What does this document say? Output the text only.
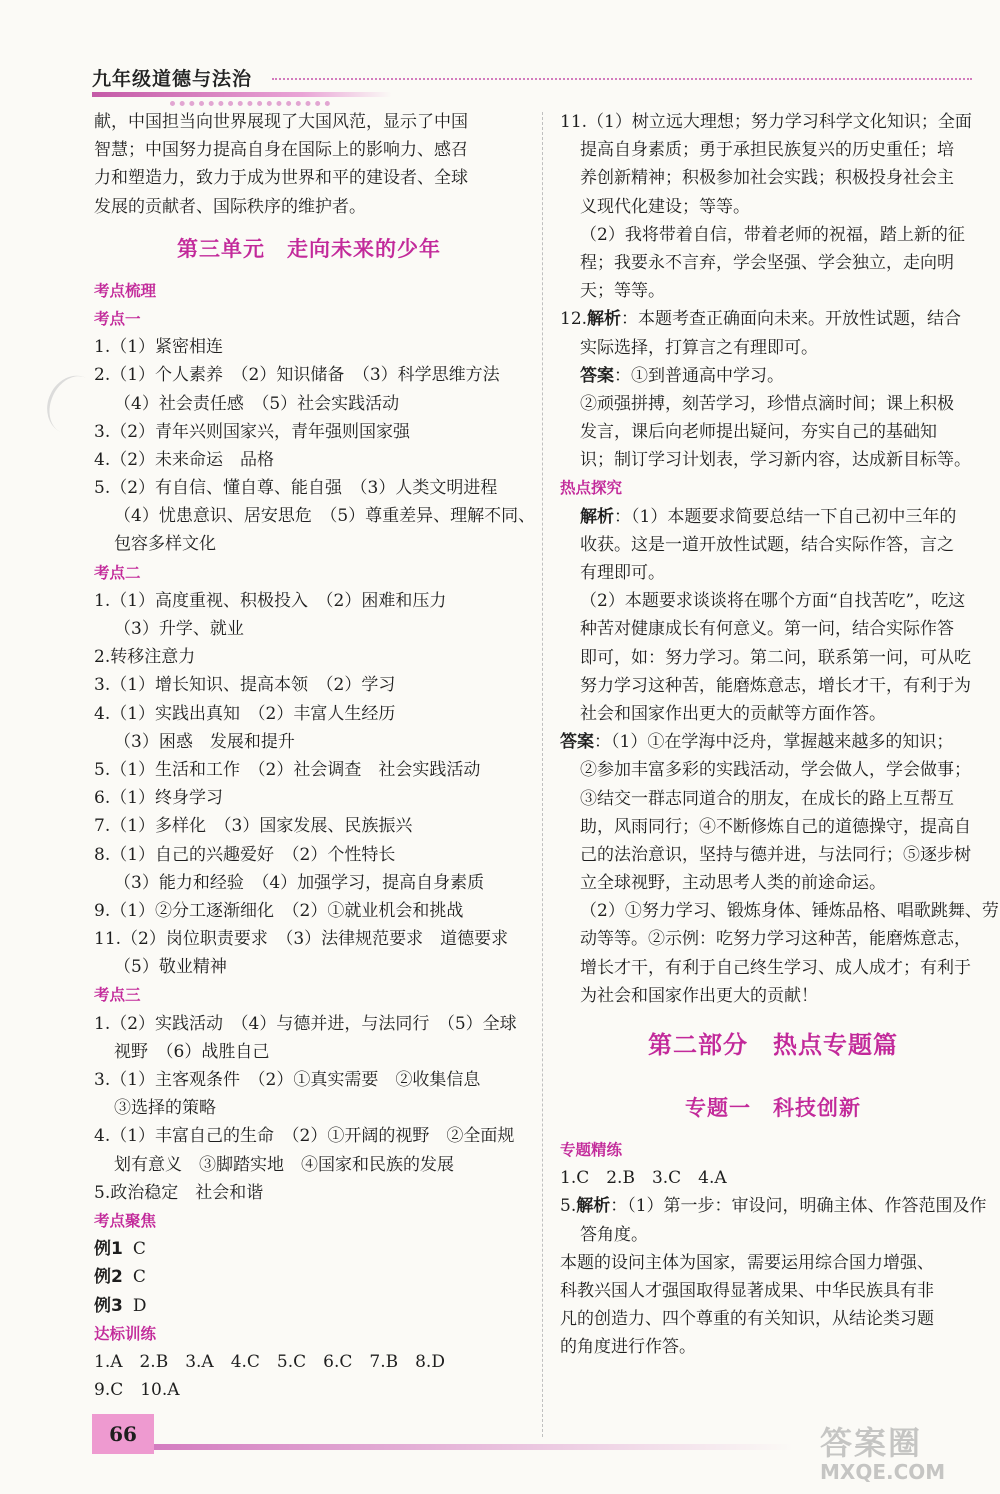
九年级道德与法治
献，中国担当向世界展现了大国风范，显示了中国
智慧；中国努力提高自身在国际上的影响力、感召
力和塑造力，致力于成为世界和平的建设者、全球
发展的贡献者、国际秩序的维护者。
第三单元　走向未来的少年
考点梳理
考点一
1.（1）紧密相连
2.（1）个人素养　（2）知识储备　（3）科学思维方法
（4）社会责任感　（5）社会实践活动
3.（2）青年兴则国家兴，青年强则国家强
4.（2）未来命运　品格
5.（2）有自信、懂自尊、能自强　（3）人类文明进程
（4）忧患意识、居安思危　（5）尊重差异、理解不同、
包容多样文化
考点二
1.（1）高度重视、积极投入　（2）困难和压力
（3）升学、就业
2.转移注意力
3.（1）增长知识、提高本领　（2）学习
4.（1）实践出真知　（2）丰富人生经历
（3）困惑　发展和提升
5.（1）生活和工作　（2）社会调查　社会实践活动
6.（1）终身学习
7.（1）多样化　（3）国家发展、民族振兴
8.（1）自己的兴趣爱好　（2）个性特长
（3）能力和经验　（4）加强学习，提高自身素质
9.（1）②分工逐渐细化　（2）①就业机会和挑战
11.（2）岗位职责要求　（3）法律规范要求　道德要求
（5）敬业精神
考点三
1.（2）实践活动　（4）与德并进，与法同行　（5）全球
视野　（6）战胜自己
3.（1）主客观条件　（2）①真实需要　②收集信息
③选择的策略
4.（1）丰富自己的生命　（2）①开阔的视野　②全面规
划有意义　③脚踏实地　④国家和民族的发展
5.政治稳定　社会和谐
考点聚焦
例1 C
例2 C
例3 D
达标训练
1.A　2.B　3.A　4.C　5.C　6.C　7.B　8.D
9.C　10.A
11.（1）树立远大理想；努力学习科学文化知识；全面
提高自身素质；勇于承担民族复兴的历史重任；培
养创新精神；积极参加社会实践；积极投身社会主
义现代化建设；等等。
（2）我将带着自信，带着老师的祝福，踏上新的征
程；我要永不言弃，学会坚强、学会独立，走向明
天；等等。
12.解析：本题考查正确面向未来。开放性试题，结合
实际选择，打算言之有理即可。
答案：①到普通高中学习。
②顽强拼搏，刻苦学习，珍惜点滴时间；课上积极
发言，课后向老师提出疑问，夯实自己的基础知
识；制订学习计划表，学习新内容，达成新目标等。
热点探究
解析：（1）本题要求简要总结一下自己初中三年的
收获。这是一道开放性试题，结合实际作答，言之
有理即可。
（2）本题要求谈谈将在哪个方面“自找苦吃”，吃这
种苦对健康成长有何意义。第一问，结合实际作答
即可，如：努力学习。第二问，联系第一问，可从吃
努力学习这种苦，能磨炼意志，增长才干，有利于为
社会和国家作出更大的贡献等方面作答。
答案：（1）①在学海中泛舟，掌握越来越多的知识；
②参加丰富多彩的实践活动，学会做人，学会做事；
③结交一群志同道合的朋友，在成长的路上互帮互
助，风雨同行；④不断修炼自己的道德操守，提高自
己的法治意识，坚持与德并进，与法同行；⑤逐步树
立全球视野，主动思考人类的前途命运。
（2）①努力学习、锻炼身体、锤炼品格、唱歌跳舞、劳
动等等。②示例：吃努力学习这种苦，能磨炼意志，
增长才干，有利于自己终生学习、成人成才；有利于
为社会和国家作出更大的贡献！
第二部分　热点专题篇
专题一　科技创新
专题精练
1.C　2.B　3.C　4.A
5.解析：（1）第一步：审设问，明确主体、作答范围及作
答角度。
本题的设问主体为国家，需要运用综合国力增强、
科教兴国人才强国取得显著成果、中华民族具有非
凡的创造力、四个尊重的有关知识，从结论类习题
的角度进行作答。
66	答案圈
MXQE.COM
